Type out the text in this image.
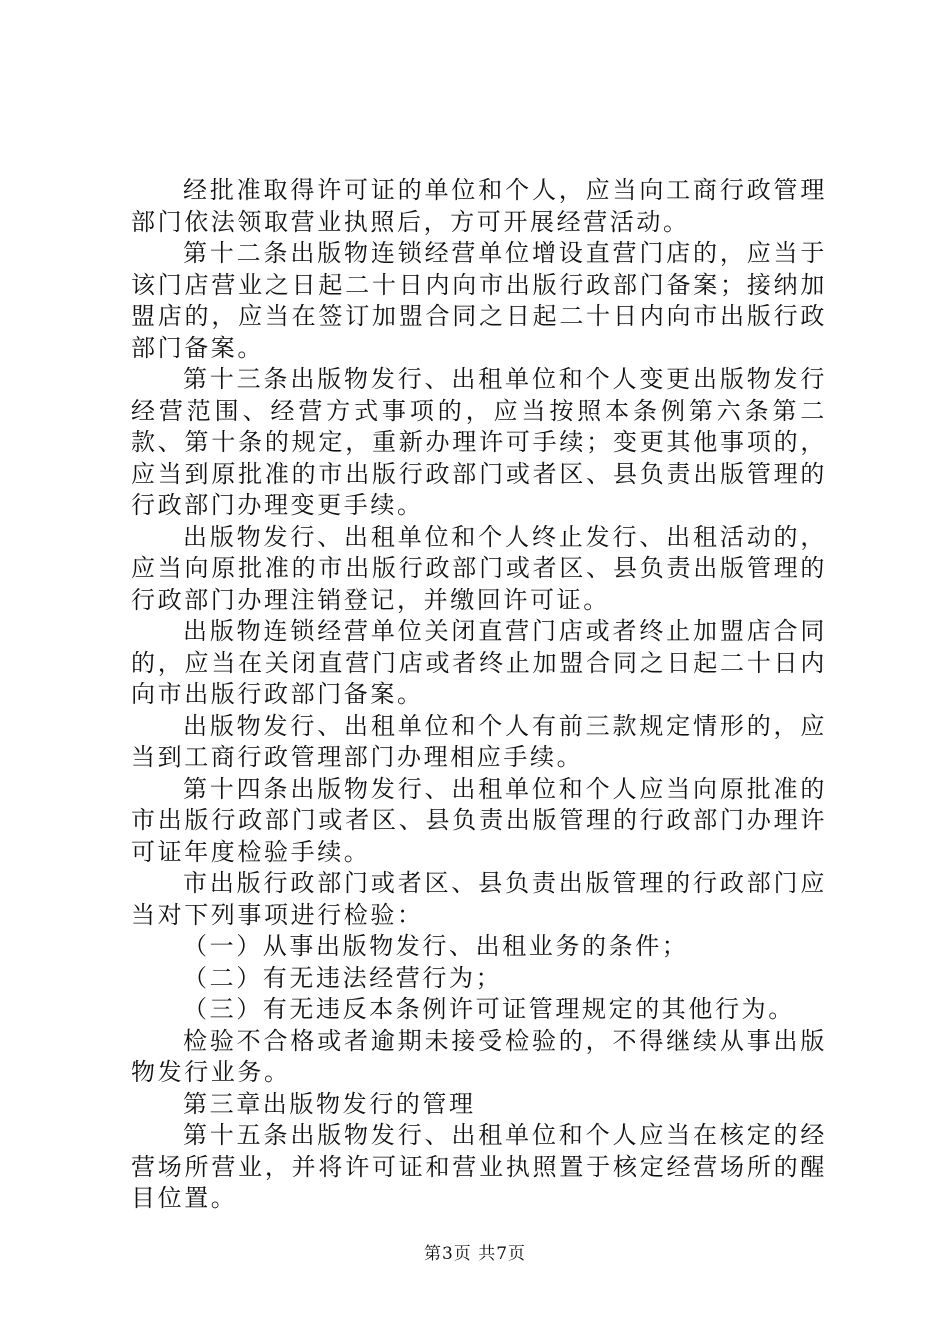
经批准取得许可证的单位和个人，应当向工商行政管理部门依法领取营业执照后，方可开展经营活动。

第十二条出版物连锁经营单位增设直营门店的，应当于该门店营业之日起二十日内向市出版行政部门备案；接纳加盟店的，应当在签订加盟合同之日起二十日内向市出版行政部门备案。

第十三条出版物发行、出租单位和个人变更出版物发行经营范围、经营方式事项的，应当按照本条例第六条第二款、第十条的规定，重新办理许可手续；变更其他事项的，应当到原批准的市出版行政部门或者区、县负责出版管理的行政部门办理变更手续。

出版物发行、出租单位和个人终止发行、出租活动的，应当向原批准的市出版行政部门或者区、县负责出版管理的行政部门办理注销登记，并缴回许可证。

出版物连锁经营单位关闭直营门店或者终止加盟店合同的，应当在关闭直营门店或者终止加盟合同之日起二十日内向市出版行政部门备案。

出版物发行、出租单位和个人有前三款规定情形的，应当到工商行政管理部门办理相应手续。

第十四条出版物发行、出租单位和个人应当向原批准的市出版行政部门或者区、县负责出版管理的行政部门办理许可证年度检验手续。

市出版行政部门或者区、县负责出版管理的行政部门应当对下列事项进行检验：

（一）从事出版物发行、出租业务的条件；

（二）有无违法经营行为；

（三）有无违反本条例许可证管理规定的其他行为。

检验不合格或者逾期未接受检验的，不得继续从事出版物发行业务。

第三章出版物发行的管理

第十五条出版物发行、出租单位和个人应当在核定的经营场所营业，并将许可证和营业执照置于核定经营场所的醒目位置。

第3页 共7页
